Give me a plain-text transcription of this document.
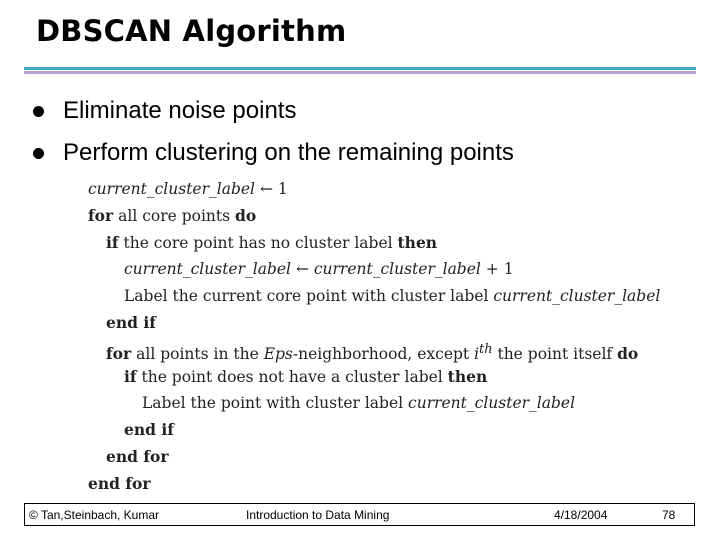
DBSCAN Algorithm
Eliminate noise points
Perform clustering on the remaining points
current_cluster_label ← 1
for all core points do
if the core point has no cluster label then
current_cluster_label ← current_cluster_label + 1
Label the current core point with cluster label current_cluster_label
end if
for all points in the Eps-neighborhood, except $i^{th}$ the point itself do
if the point does not have a cluster label then
Label the point with cluster label current_cluster_label
end if
end for
end for
© Tan,Steinbach, Kumar	Introduction to Data Mining	4/18/2004	78
